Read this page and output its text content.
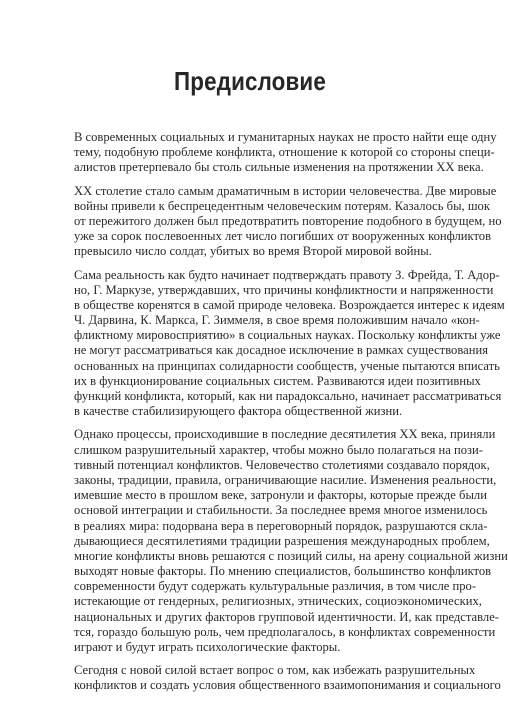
Предисловие
В современных социальных и гуманитарных науках не просто найти еще одну
тему, подобную проблеме конфликта, отношение к которой со стороны специ-
алистов претерпевало бы столь сильные изменения на протяжении XX века.
XX столетие стало самым драматичным в истории человечества. Две мировые
войны привели к беспрецедентным человеческим потерям. Казалось бы, шок
от пережитого должен был предотвратить повторение подобного в будущем, но
уже за сорок послевоенных лет число погибших от вооруженных конфликтов
превысило число солдат, убитых во время Второй мировой войны.
Сама реальность как будто начинает подтверждать правоту З. Фрейда, Т. Адор-
но, Г. Маркузе, утверждавших, что причины конфликтности и напряженности
в обществе коренятся в самой природе человека. Возрождается интерес к идеям
Ч. Дарвина, К. Маркса, Г. Зиммеля, в свое время положившим начало «кон-
фликтному мировосприятию» в социальных науках. Поскольку конфликты уже
не могут рассматриваться как досадное исключение в рамках существования
основанных на принципах солидарности сообществ, ученые пытаются вписать
их в функционирование социальных систем. Развиваются идеи позитивных
функций конфликта, который, как ни парадоксально, начинает рассматриваться
в качестве стабилизирующего фактора общественной жизни.
Однако процессы, происходившие в последние десятилетия XX века, приняли
слишком разрушительный характер, чтобы можно было полагаться на пози-
тивный потенциал конфликтов. Человечество столетиями создавало порядок,
законы, традиции, правила, ограничивающие насилие. Изменения реальности,
имевшие место в прошлом веке, затронули и факторы, которые прежде были
основой интеграции и стабильности. За последнее время многое изменилось
в реалиях мира: подорвана вера в переговорный порядок, разрушаются скла-
дывающиеся десятилетиями традиции разрешения международных проблем,
многие конфликты вновь решаются с позиций силы, на арену социальной жизни
выходят новые факторы. По мнению специалистов, большинство конфликтов
современности будут содержать культуральные различия, в том числе про-
истекающие от гендерных, религиозных, этнических, социоэкономических,
национальных и других факторов групповой идентичности. И, как представле-
тся, гораздо большую роль, чем предполагалось, в конфликтах современности
играют и будут играть психологические факторы.
Сегодня с новой силой встает вопрос о том, как избежать разрушительных
конфликтов и создать условия общественного взаимопонимания и социального
